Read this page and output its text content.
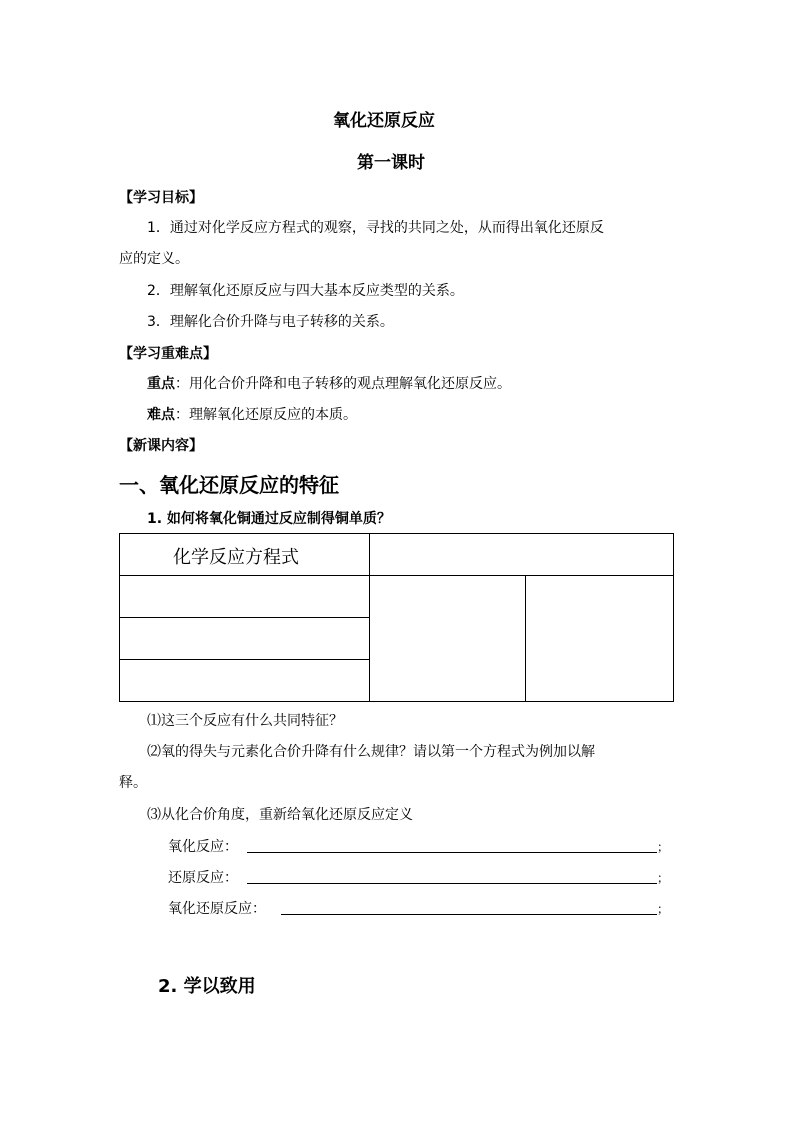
氧化还原反应
第一课时
【学习目标】
1．通过对化学反应方程式的观察，寻找的共同之处，从而得出氧化还原反
应的定义。
2．理解氧化还原反应与四大基本反应类型的关系。
3．理解化合价升降与电子转移的关系。
【学习重难点】
重点：用化合价升降和电子转移的观点理解氧化还原反应。
难点：理解氧化还原反应的本质。
【新课内容】
一、氧化还原反应的特征
1. 如何将氧化铜通过反应制得铜单质？
化学反应方程式
⑴这三个反应有什么共同特征？
⑵氧的得失与元素化合价升降有什么规律？请以第一个方程式为例加以解
释。
⑶从化合价角度，重新给氧化还原反应定义
氧化反应：	；
还原反应：	；
氧化还原反应：	；
2. 学以致用
